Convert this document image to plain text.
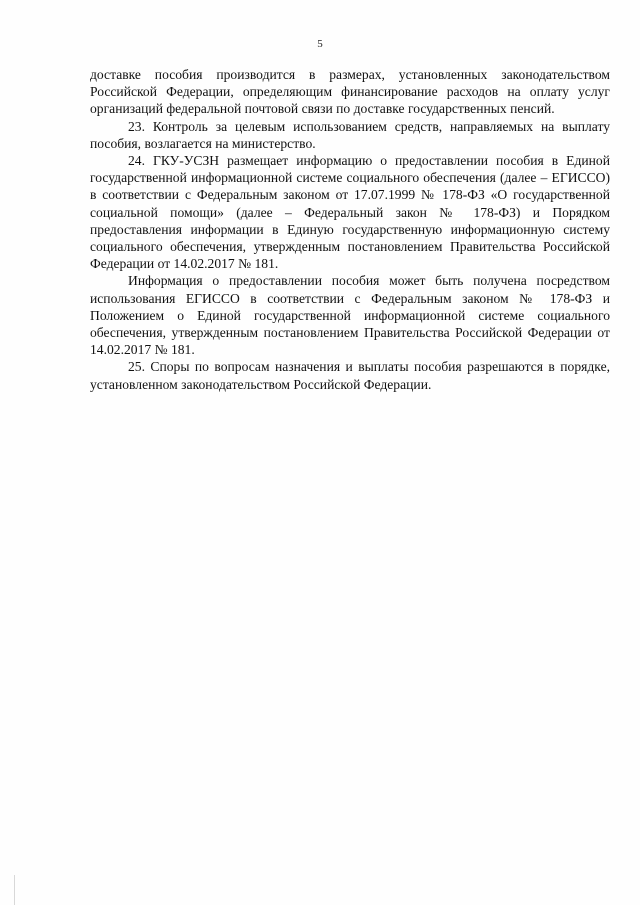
5

доставке пособия производится в размерах, установленных законодательством Российской Федерации, определяющим финансирование расходов на оплату услуг организаций федеральной почтовой связи по доставке государственных пенсий.

23. Контроль за целевым использованием средств, направляемых на выплату пособия, возлагается на министерство.

24. ГКУ-УСЗН размещает информацию о предоставлении пособия в Единой государственной информационной системе социального обеспечения (далее – ЕГИССО) в соответствии с Федеральным законом от 17.07.1999 № 178-ФЗ «О государственной социальной помощи» (далее – Федеральный закон № 178-ФЗ) и Порядком предоставления информации в Единую государственную информационную систему социального обеспечения, утвержденным постановлением Правительства Российской Федерации от 14.02.2017 № 181.

Информация о предоставлении пособия может быть получена посредством использования ЕГИССО в соответствии с Федеральным законом № 178-ФЗ и Положением о Единой государственной информационной системе социального обеспечения, утвержденным постановлением Правительства Российской Федерации от 14.02.2017 № 181.

25. Споры по вопросам назначения и выплаты пособия разрешаются в порядке, установленном законодательством Российской Федерации.
